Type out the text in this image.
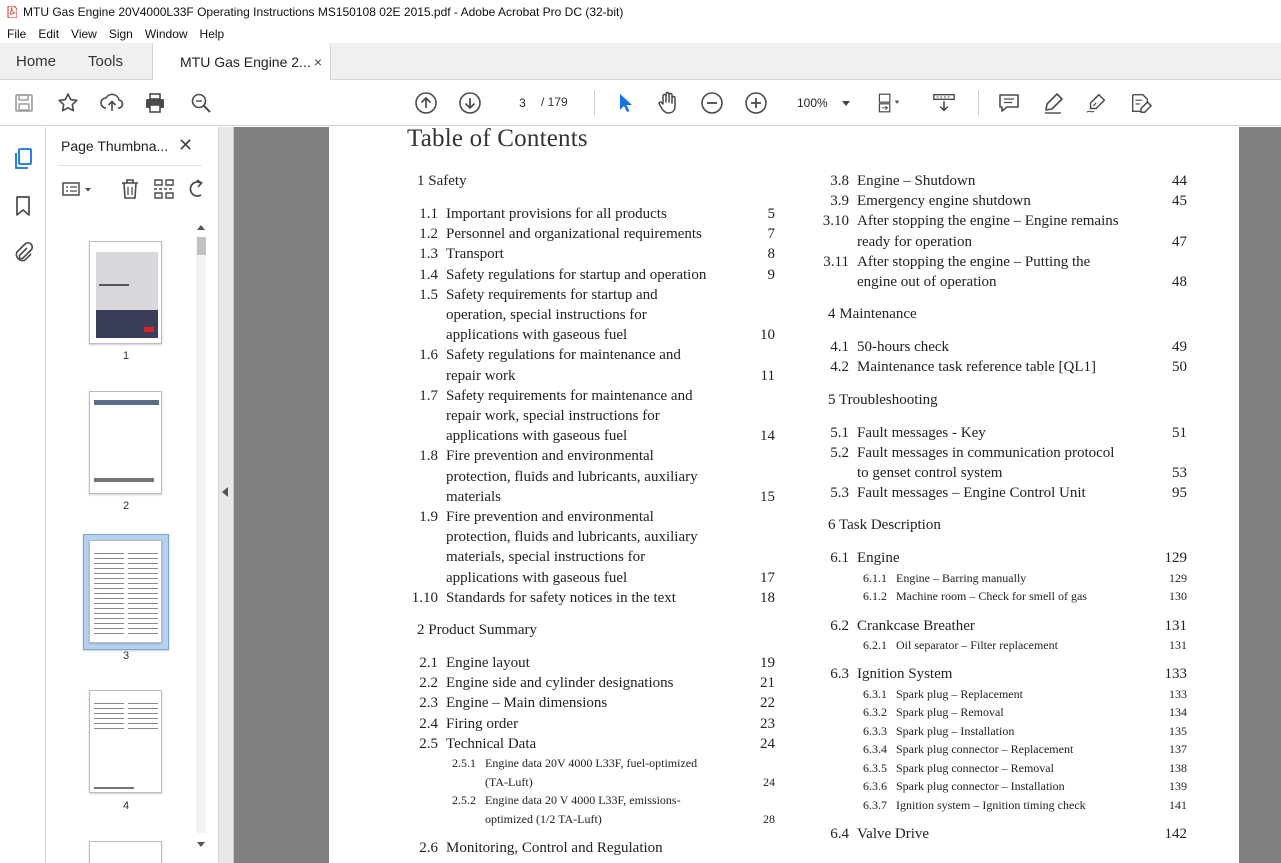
MTU Gas Engine 20V4000L33F Operating Instructions MS150108 02E 2015.pdf - Adobe Acrobat Pro DC (32-bit)
File Edit View Sign Window Help
Home Tools	MTU Gas Engine 2... ×
3	/ 179	100%
Page Thumbna... ✕
1
2
3
4
Table of Contents
1 Safety
1.1 Important provisions for all products	5
1.2 Personnel and organizational requirements	7
1.3 Transport	8
1.4 Safety regulations for startup and operation	9
1.5 Safety requirements for startup and
operation, special instructions for
applications with gaseous fuel	10
1.6 Safety regulations for maintenance and
repair work	11
1.7 Safety requirements for maintenance and
repair work, special instructions for
applications with gaseous fuel	14
1.8 Fire prevention and environmental
protection, fluids and lubricants, auxiliary
materials	15
1.9 Fire prevention and environmental
protection, fluids and lubricants, auxiliary
materials, special instructions for
applications with gaseous fuel	17
1.10 Standards for safety notices in the text	18
2 Product Summary
2.1 Engine layout	19
2.2 Engine side and cylinder designations	21
2.3 Engine – Main dimensions	22
2.4 Firing order	23
2.5 Technical Data	24
2.5.1 Engine data 20V 4000 L33F, fuel-optimized
(TA-Luft)	24
2.5.2 Engine data 20 V 4000 L33F, emissions-
optimized (1/2 TA-Luft)	28
2.6 Monitoring, Control and Regulation
3.8 Engine – Shutdown	44
3.9 Emergency engine shutdown	45
3.10 After stopping the engine – Engine remains
ready for operation	47
3.11 After stopping the engine – Putting the
engine out of operation	48
4 Maintenance
4.1 50-hours check	49
4.2 Maintenance task reference table [QL1]	50
5 Troubleshooting
5.1 Fault messages - Key	51
5.2 Fault messages in communication protocol
to genset control system	53
5.3 Fault messages – Engine Control Unit	95
6 Task Description
6.1 Engine	129
6.1.1 Engine – Barring manually	129
6.1.2 Machine room – Check for smell of gas	130
6.2 Crankcase Breather	131
6.2.1 Oil separator – Filter replacement	131
6.3 Ignition System	133
6.3.1 Spark plug – Replacement	133
6.3.2 Spark plug – Removal	134
6.3.3 Spark plug – Installation	135
6.3.4 Spark plug connector – Replacement	137
6.3.5 Spark plug connector – Removal	138
6.3.6 Spark plug connector – Installation	139
6.3.7 Ignition system – Ignition timing check	141
6.4 Valve Drive	142
